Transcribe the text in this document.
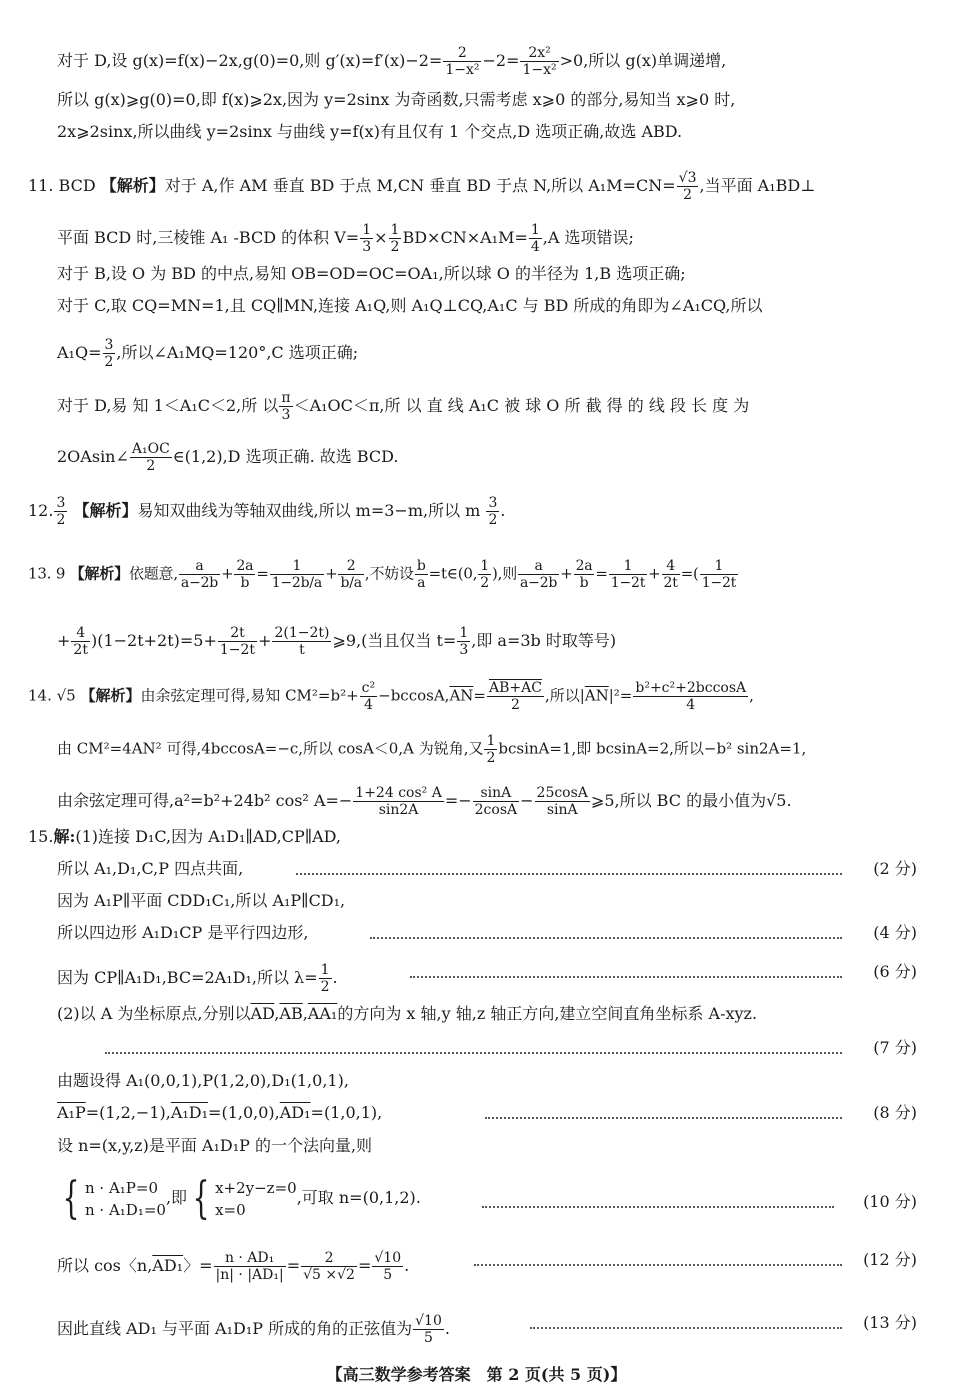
对于 D,设 g(x)=f(x)−2x,g(0)=0,则 $g'(x)=f'(x)-2= \frac{2}{\text{1−x²}} -2= \frac{\text{2x²}}{\text{1−x²}} >0$,所以 g(x)单调递增,
所以 g(x)⩾g(0)=0,即 f(x)⩾2x,因为 y=2sinx 为奇函数,只需考虑 x⩾0 的部分,易知当 x⩾0 时,
2x⩾2sinx,所以曲线 y=2sinx 与曲线 y=f(x)有且仅有 1 个交点,D 选项正确,故选 ABD.
11. BCD 【解析】对于 A,作 AM 垂直 BD 于点 M,CN 垂直 BD 于点 N,所以 $A_1M=CN= \frac{√3}{2}$ ,当平面 A₁BD⊥
平面 BCD 时,三棱锥 A₁ -BCD 的体积 $V= \frac{1}{3} \times \frac{1}{2} BD\times CN\times A_1M= \frac{1}{4} ,A$ 选项错误;
对于 B,设 O 为 BD 的中点,易知 OB=OD=OC=OA₁,所以球 O 的半径为 1,B 选项正确;
对于 C,取 CQ=MN=1,且 CQ∥MN,连接 A₁Q,则 A₁Q⊥CQ,A₁C 与 BD 所成的角即为∠A₁CQ,所以
$A_1Q= \frac{3}{2}$ ,所以∠A₁MQ=120°,C 选项正确;
对于 D,易 知 1＜A₁C＜2,所 以 $\frac{\pi}{3} <A_1OC<\pi$,所 以 直 线 A₁C 被 球 O 所 截 得 的 线 段 长 度 为
2OAsin∠ $\frac{\text{A₁OC}}{2}$ ∈(1,2),D 选项正确. 故选 BCD.
12. $\frac{3}{2}$ 【解析】易知双曲线为等轴双曲线,所以 m=3−m,所以 m $\frac{3}{2}$ .
13. 9 【解析】依题意, $\frac{a}{a-2b} + \frac{2a}{b} = \frac{1}{1-2b/a} + \frac{2}{b/a}$ ,不妨设 $\frac{b}{a}$ =t∈(0, $\frac{1}{2}$ ),则 $\frac{a}{a-2b} + \frac{2a}{b} = \frac{1}{1-2t} + \frac{4}{2t}$ =( $\frac{1}{1-2t}$
+ $\frac{4}{2t} )(1-2t+2t)=5+ \frac{2t}{1-2t} + \frac{2(1-2t)}{t}$ ⩾9,(当且仅当 $t= \frac{1}{3}$ ,即 a=3b 时取等号)
14. √5 【解析】由余弦定理可得,易知 $CM^2=b^2+ \frac{\text{c²}}{4} -bccosA,\overline{AN}= \frac{AB+AC}{2}$ ,所以$|\overline{AN}|^2= \frac{\text{b²+c²+2bccosA}}{4}$ ,
由 CM²=4AN² 可得,4bccosA=−c,所以 cosA＜0,A 为锐角,又 $\frac{1}{2} bcsinA=1$,即 bcsinA=2,所以−b² sin2A=1,
由余弦定理可得,a²=b²+24b² cos² $A=- \frac{\text{1+24 cos² A}}{\sin 2A} =- \frac{\sin A}{2\cos A} - \frac{25\cos A}{\sin A}$ ⩾5,所以 BC 的最小值为√5.
15.解:(1)连接 D₁C,因为 A₁D₁∥AD,CP∥AD,
所以 A₁,D₁,C,P 四点共面,	(2 分)
因为 A₁P∥平面 CDD₁C₁,所以 A₁P∥CD₁,
所以四边形 A₁D₁CP 是平行四边形,	(4 分)
因为 CP∥A₁D₁,BC=2A₁D₁,所以 $\lambda= \frac{1}{2}$ .	(6 分)
(2)以 A 为坐标原点,分别以$\overline{AD},\overline{AB},AA_1$的方向为 x 轴,y 轴,z 轴正方向,建立空间直角坐标系 A-xyz.
(7 分)
由题设得 A₁(0,0,1),P(1,2,0),D₁(1,0,1),
A₁P=(1,2,−1),A₁D₁=(1,0,0),AD₁=(1,0,1),	(8 分)
设 n=(x,y,z)是平面 A₁D₁P 的一个法向量,则
{ n · A₁P=0
n · A₁D₁=0
,即 { x+2y−z=0
x=0
,可取 n=(0,1,2).	(10 分)
所以 cos〈n,AD₁〉= $\frac{\text{n · AD₁}}{\text{|n| · |AD₁|}} = \frac{2}{√5 \times√2} = \frac{√10}{5}$ .	(12 分)
因此直线 AD₁ 与平面 A₁D₁P 所成的角的正弦值为 $\frac{√10}{5}$ .	(13 分)
【高三数学参考答案　第 2 页(共 5 页)】
